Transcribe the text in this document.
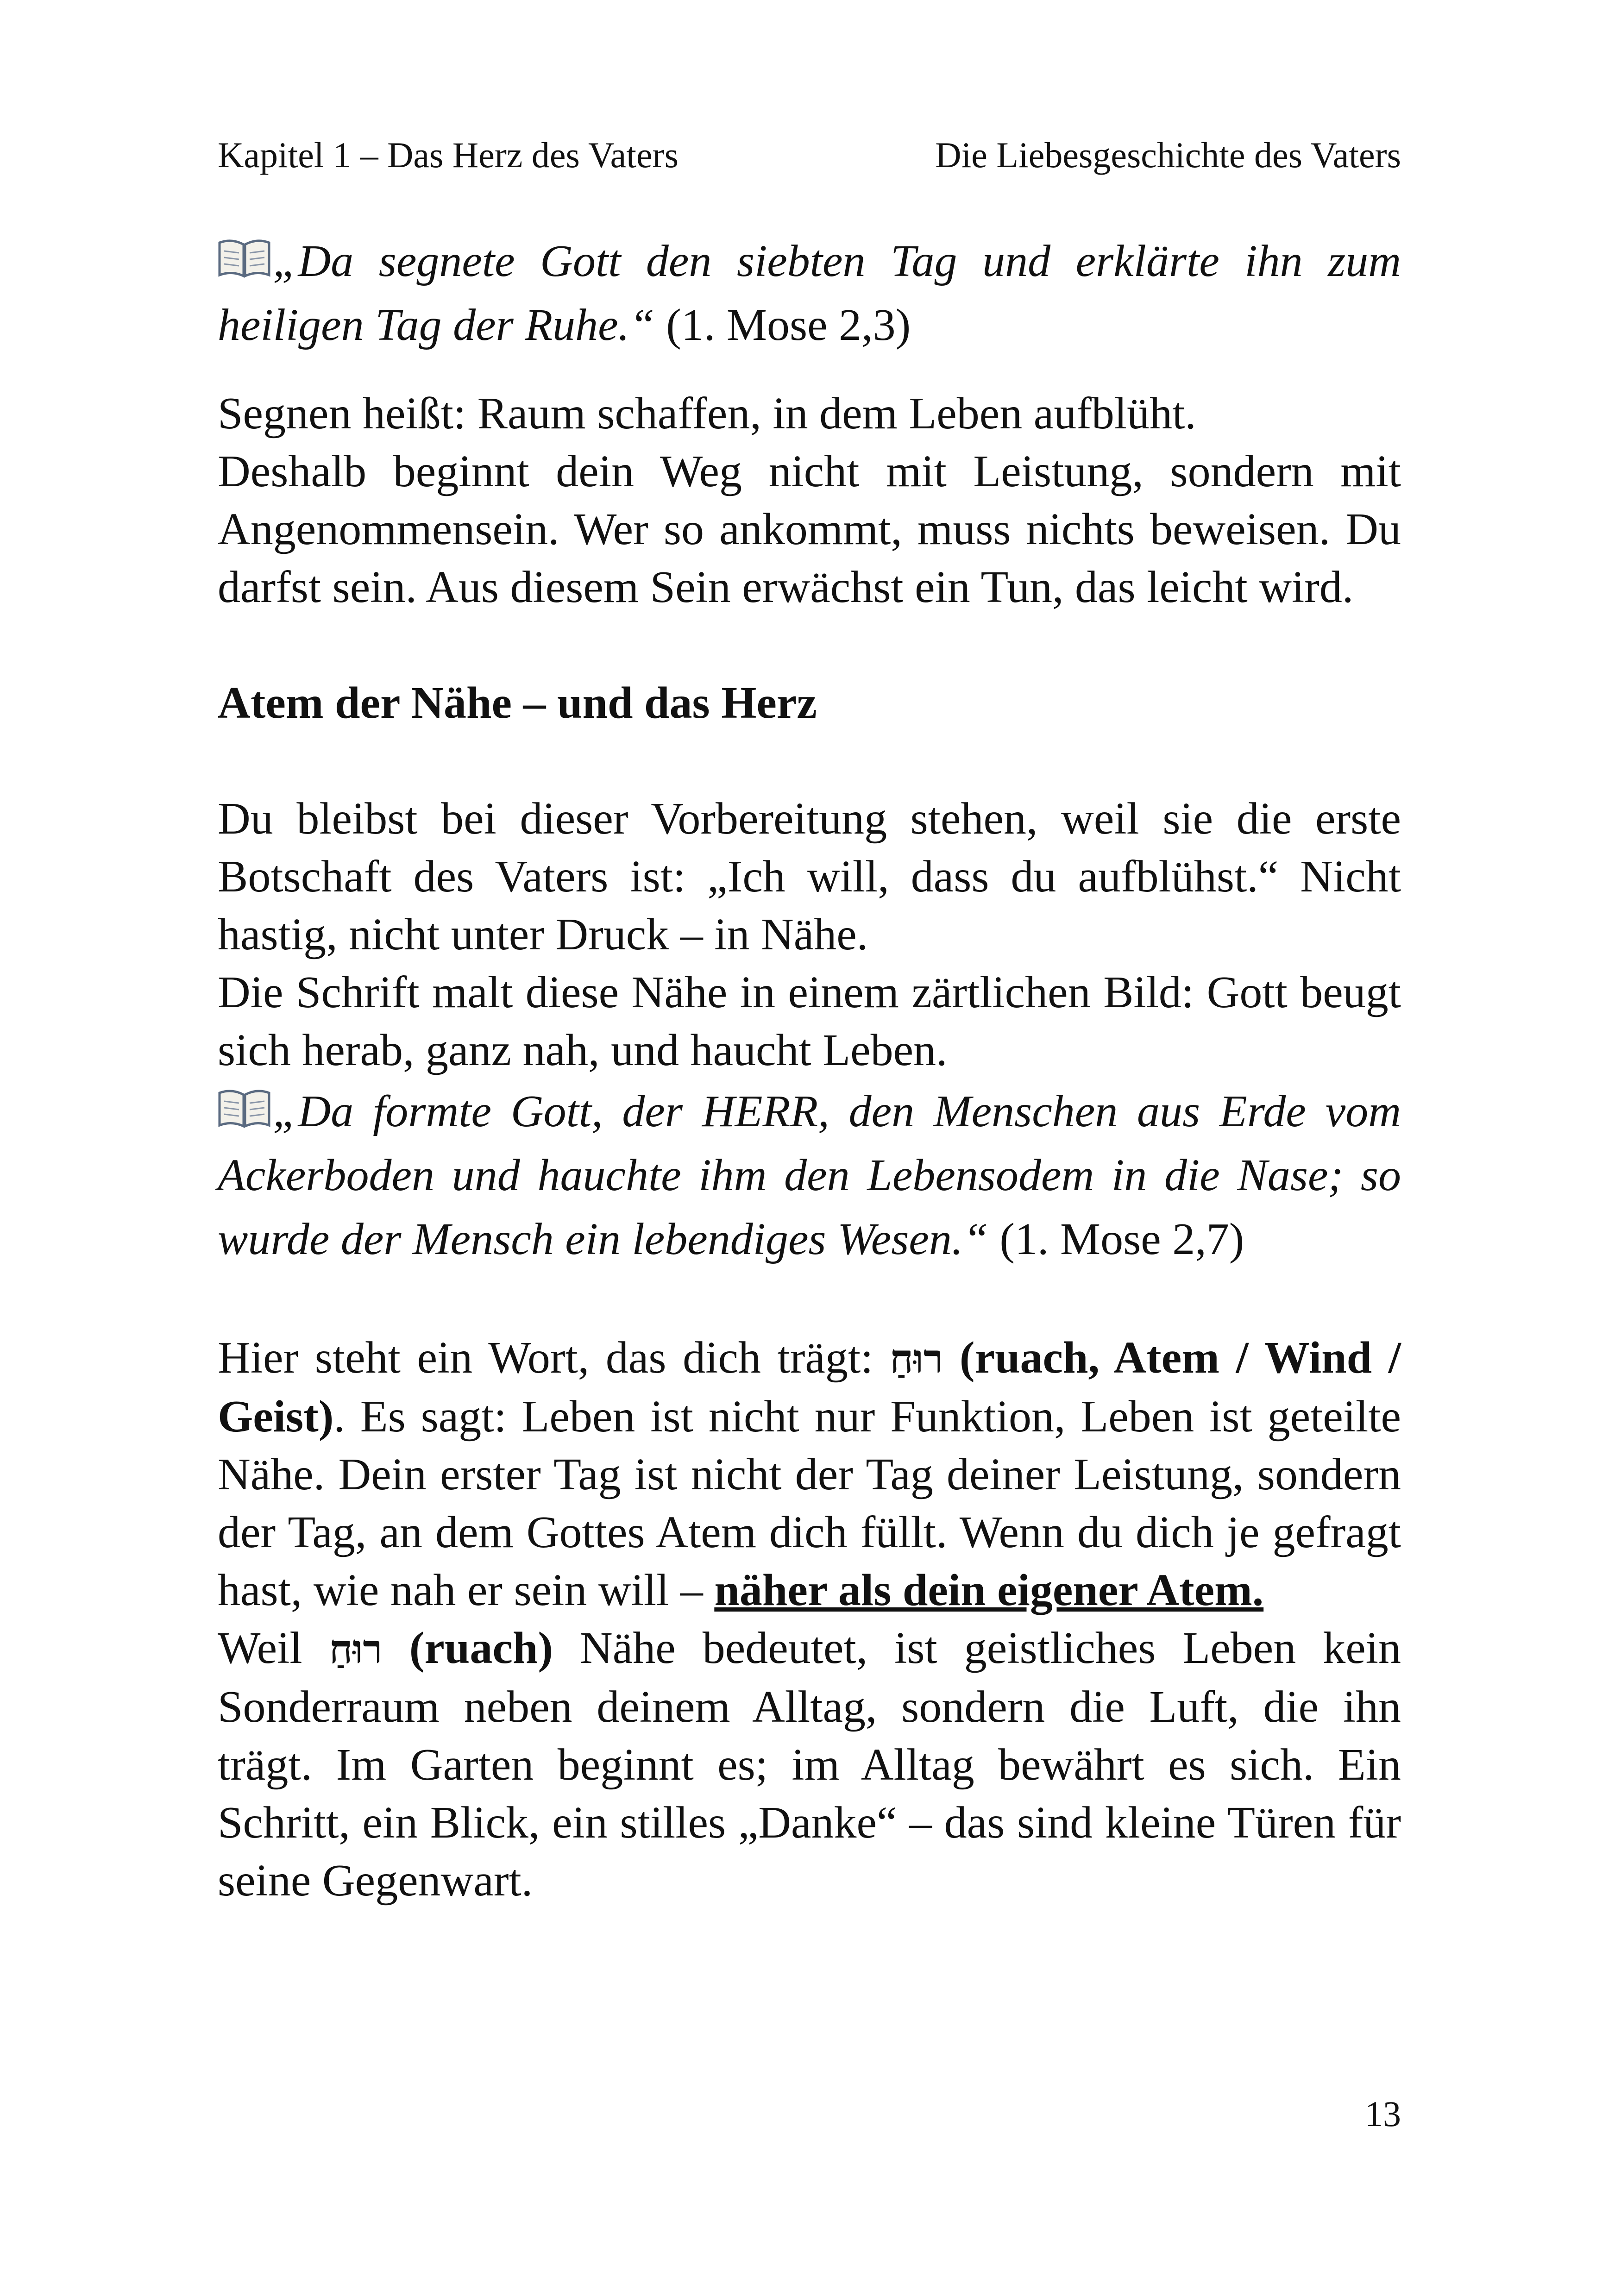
Kapitel 1 – Das Herz des Vaters	Die Liebesgeschichte des Vaters

„Da segnete Gott den siebten Tag und erklärte ihn zum heiligen Tag der Ruhe.“ (1. Mose 2,3)

Segnen heißt: Raum schaffen, in dem Leben aufblüht.

Deshalb beginnt dein Weg nicht mit Leistung, sondern mit Angenommensein. Wer so ankommt, muss nichts beweisen. Du darfst sein. Aus diesem Sein erwächst ein Tun, das leicht wird.

Atem der Nähe – und das Herz

Du bleibst bei dieser Vorbereitung stehen, weil sie die erste Botschaft des Vaters ist: „Ich will, dass du aufblühst.“ Nicht hastig, nicht unter Druck – in Nähe.

Die Schrift malt diese Nähe in einem zärtlichen Bild: Gott beugt sich herab, ganz nah, und haucht Leben.

„Da formte Gott, der HERR, den Menschen aus Erde vom Ackerboden und hauchte ihm den Lebensodem in die Nase; so wurde der Mensch ein lebendiges Wesen.“ (1. Mose 2,7)

Hier steht ein Wort, das dich trägt: רוּחַ (ruach, Atem / Wind / Geist). Es sagt: Leben ist nicht nur Funktion, Leben ist geteilte Nähe. Dein erster Tag ist nicht der Tag deiner Leistung, sondern der Tag, an dem Gottes Atem dich füllt. Wenn du dich je gefragt hast, wie nah er sein will – näher als dein eigener Atem.

Weil רוּחַ (ruach) Nähe bedeutet, ist geistliches Leben kein Sonderraum neben deinem Alltag, sondern die Luft, die ihn trägt. Im Garten beginnt es; im Alltag bewährt es sich. Ein Schritt, ein Blick, ein stilles „Danke“ – das sind kleine Türen für seine Gegenwart.

13
